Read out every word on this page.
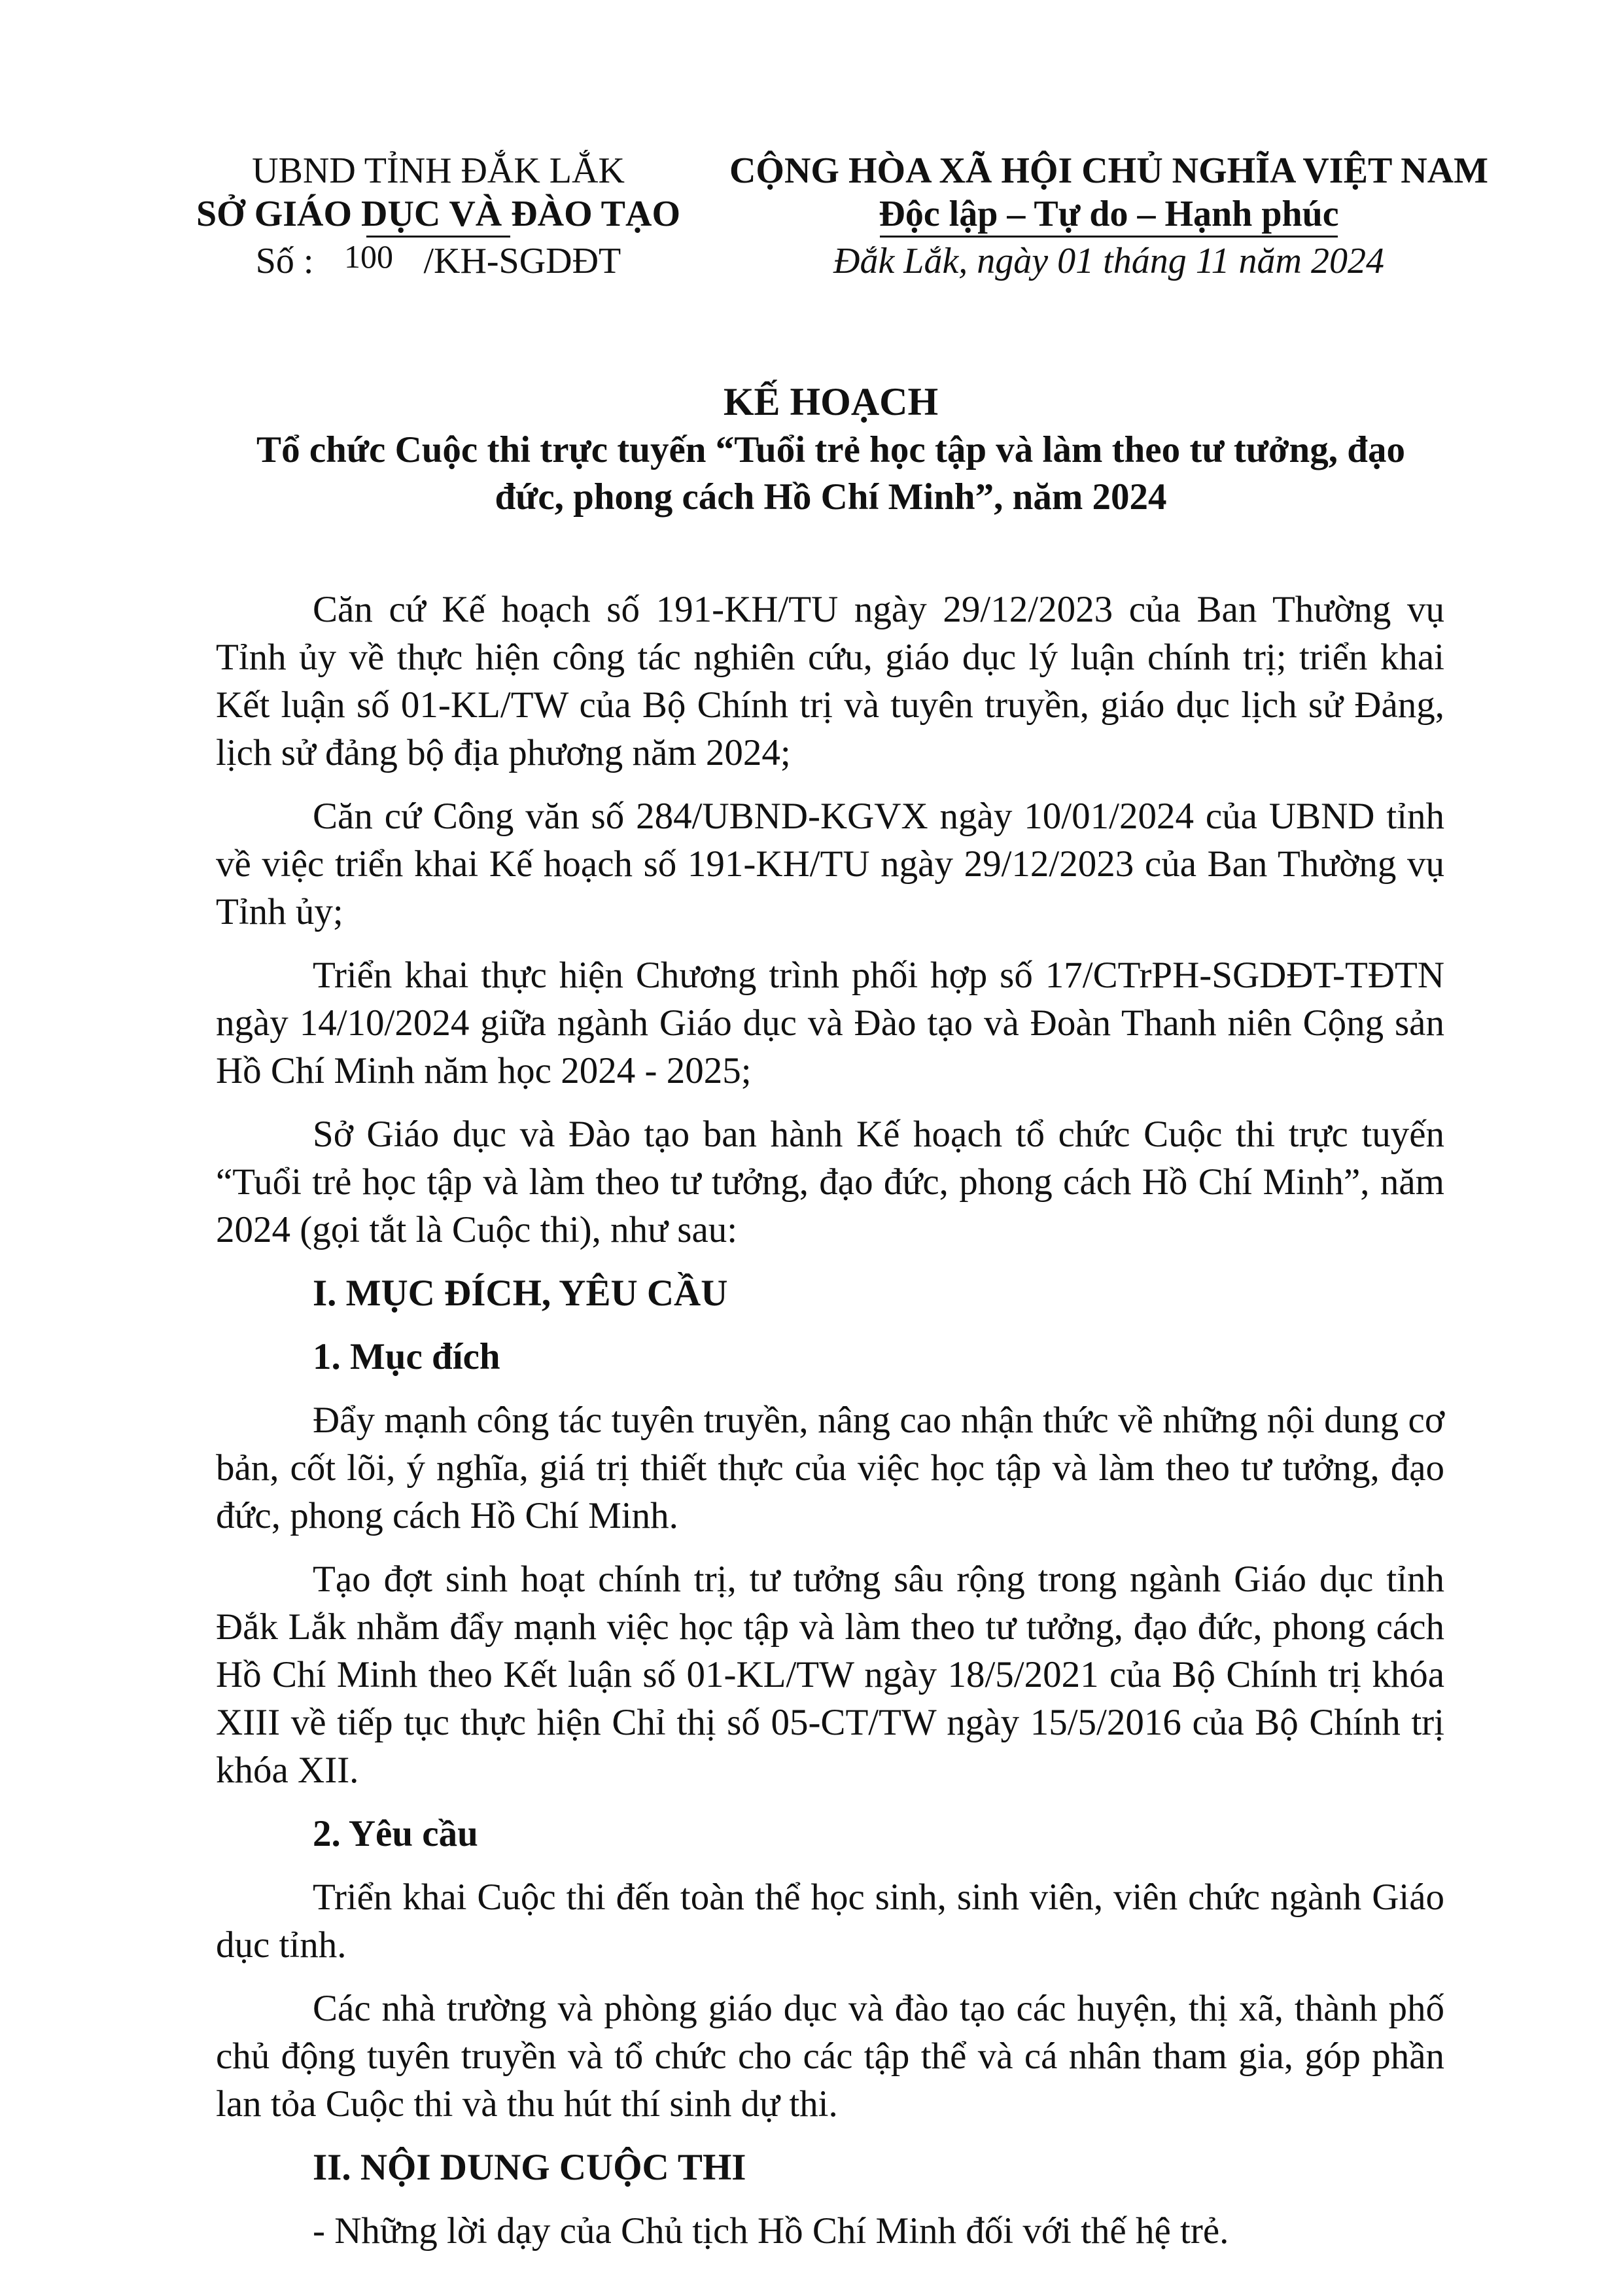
UBND TỈNH ĐẮK LẮK
SỞ GIÁO DỤC VÀ ĐÀO TẠO
Số : 100 /KH-SGDĐT
CỘNG HÒA XÃ HỘI CHỦ NGHĨA VIỆT NAM
Độc lập – Tự do – Hạnh phúc
Đắk Lắk, ngày 01 tháng 11 năm 2024
KẾ HOẠCH
Tổ chức Cuộc thi trực tuyến “Tuổi trẻ học tập và làm theo tư tưởng, đạo
đức, phong cách Hồ Chí Minh”, năm 2024

Căn cứ Kế hoạch số 191-KH/TU ngày 29/12/2023 của Ban Thường vụ Tỉnh ủy về thực hiện công tác nghiên cứu, giáo dục lý luận chính trị; triển khai Kết luận số 01-KL/TW của Bộ Chính trị và tuyên truyền, giáo dục lịch sử Đảng, lịch sử đảng bộ địa phương năm 2024;

Căn cứ Công văn số 284/UBND-KGVX ngày 10/01/2024 của UBND tỉnh về việc triển khai Kế hoạch số 191-KH/TU ngày 29/12/2023 của Ban Thường vụ Tỉnh ủy;

Triển khai thực hiện Chương trình phối hợp số 17/CTrPH-SGDĐT-TĐTN ngày 14/10/2024 giữa ngành Giáo dục và Đào tạo và Đoàn Thanh niên Cộng sản Hồ Chí Minh năm học 2024 - 2025;

Sở Giáo dục và Đào tạo ban hành Kế hoạch tổ chức Cuộc thi trực tuyến “Tuổi trẻ học tập và làm theo tư tưởng, đạo đức, phong cách Hồ Chí Minh”, năm 2024 (gọi tắt là Cuộc thi), như sau:

I. MỤC ĐÍCH, YÊU CẦU

1. Mục đích

Đẩy mạnh công tác tuyên truyền, nâng cao nhận thức về những nội dung cơ bản, cốt lõi, ý nghĩa, giá trị thiết thực của việc học tập và làm theo tư tưởng, đạo đức, phong cách Hồ Chí Minh.

Tạo đợt sinh hoạt chính trị, tư tưởng sâu rộng trong ngành Giáo dục tỉnh Đắk Lắk nhằm đẩy mạnh việc học tập và làm theo tư tưởng, đạo đức, phong cách Hồ Chí Minh theo Kết luận số 01-KL/TW ngày 18/5/2021 của Bộ Chính trị khóa XIII về tiếp tục thực hiện Chỉ thị số 05-CT/TW ngày 15/5/2016 của Bộ Chính trị khóa XII.

2. Yêu cầu

Triển khai Cuộc thi đến toàn thể học sinh, sinh viên, viên chức ngành Giáo dục tỉnh.

Các nhà trường và phòng giáo dục và đào tạo các huyện, thị xã, thành phố chủ động tuyên truyền và tổ chức cho các tập thể và cá nhân tham gia, góp phần lan tỏa Cuộc thi và thu hút thí sinh dự thi.

II. NỘI DUNG CUỘC THI

- Những lời dạy của Chủ tịch Hồ Chí Minh đối với thế hệ trẻ.
